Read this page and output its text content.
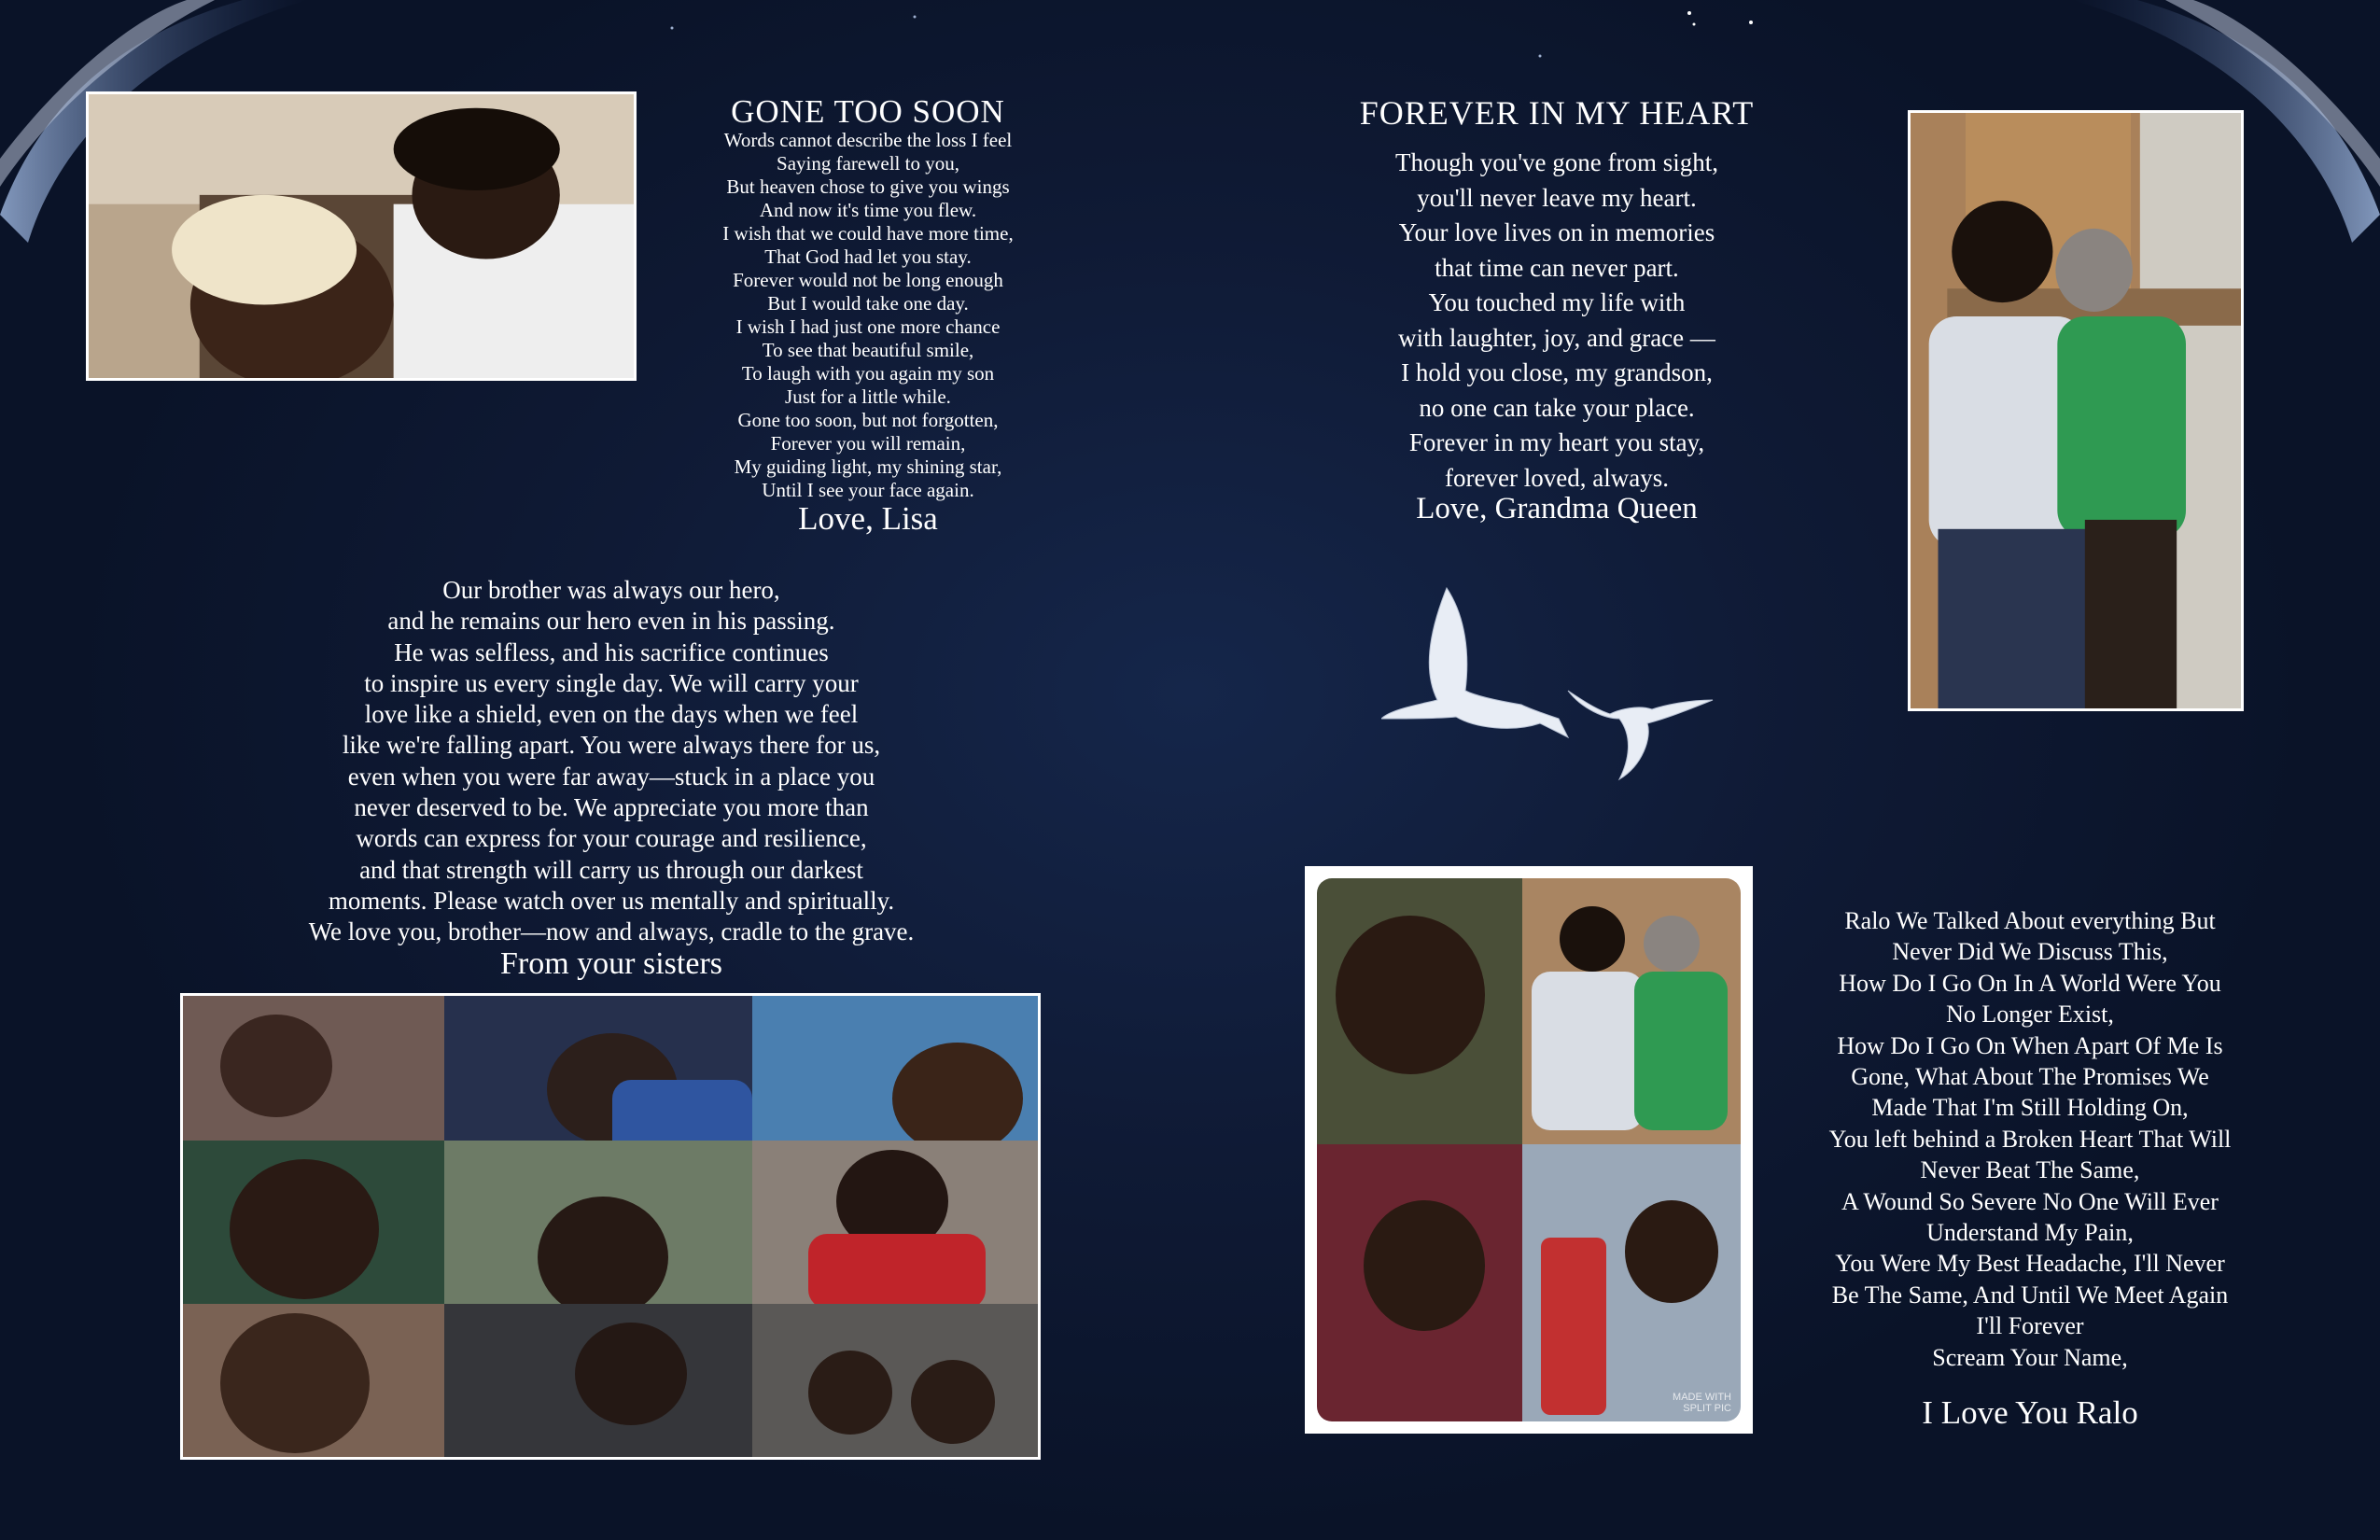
GONE TOO SOON
Words cannot describe the loss I feel
Saying farewell to you,
But heaven chose to give you wings
And now it's time you flew.
I wish that we could have more time,
That God had let you stay.
Forever would not be long enough
But I would take one day.
I wish I had just one more chance
To see that beautiful smile,
To laugh with you again my son
Just for a little while.
Gone too soon, but not forgotten,
Forever you will remain,
My guiding light, my shining star,
Until I see your face again.
Love, Lisa
Our brother was always our hero,
and he remains our hero even in his passing.
He was selfless, and his sacrifice continues
to inspire us every single day. We will carry your
love like a shield, even on the days when we feel
like we're falling apart. You were always there for us,
even when you were far away—stuck in a place you
never deserved to be. We appreciate you more than
words can express for your courage and resilience,
and that strength will carry us through our darkest
moments. Please watch over us mentally and spiritually.
We love you, brother—now and always, cradle to the grave.
From your sisters
FOREVER IN MY HEART
Though you've gone from sight,
you'll never leave my heart.
Your love lives on in memories
that time can never part.
You touched my life with
with laughter, joy, and grace —
I hold you close, my grandson,
no one can take your place.
Forever in my heart you stay,
forever loved, always.
Love, Grandma Queen
MADE WITH SPLIT PIC
Ralo We Talked About everything But
Never Did We Discuss This,
How Do I Go On In A World Were You
No Longer Exist,
How Do I Go On When Apart Of Me Is
Gone, What About The Promises We
Made That I'm Still Holding On,
You left behind a Broken Heart That Will
Never Beat The Same,
A Wound So Severe No One Will Ever
Understand My Pain,
You Were My Best Headache, I'll Never
Be The Same, And Until We Meet Again
I'll Forever
Scream Your Name,
I Love You Ralo
